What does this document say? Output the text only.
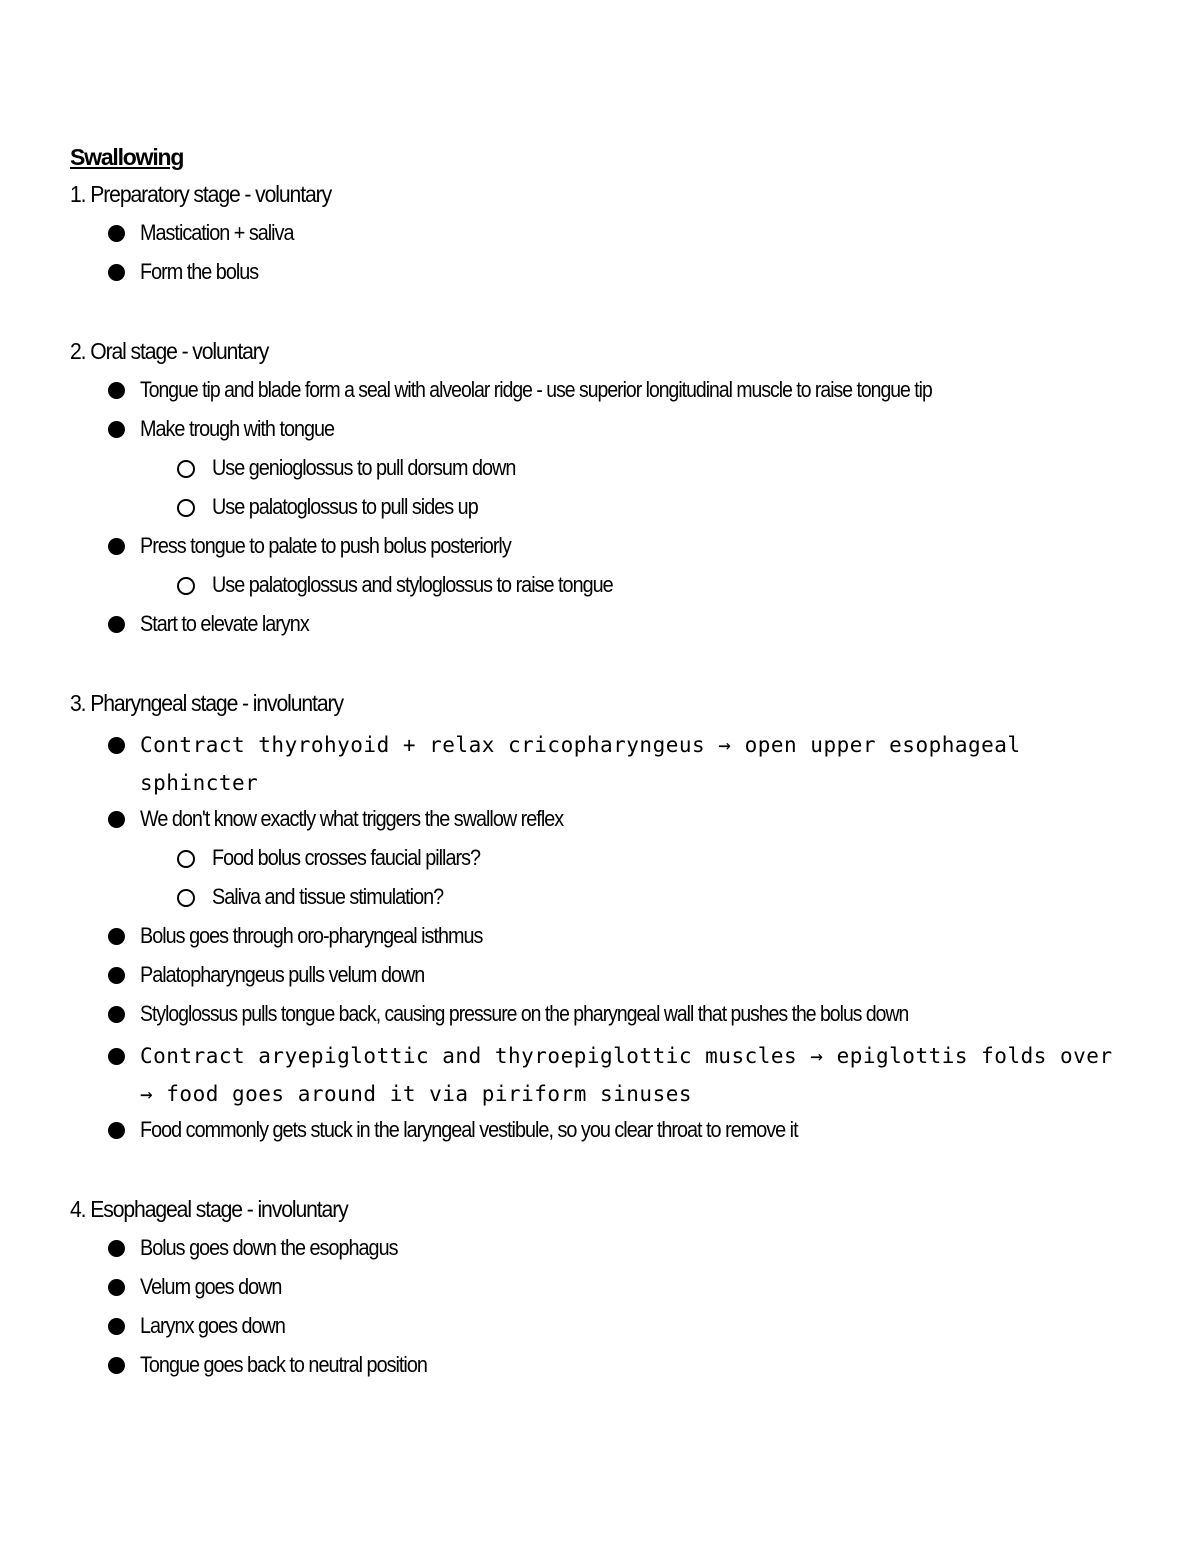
Swallowing
1. Preparatory stage - voluntary
Mastication + saliva
Form the bolus
2. Oral stage - voluntary
Tongue tip and blade form a seal with alveolar ridge - use superior longitudinal muscle to raise tongue tip
Make trough with tongue
Use genioglossus to pull dorsum down
Use palatoglossus to pull sides up
Press tongue to palate to push bolus posteriorly
Use palatoglossus and styloglossus to raise tongue
Start to elevate larynx
3. Pharyngeal stage - involuntary
Contract thyrohyoid + relax cricopharyngeus → open upper esophageal sphincter
We don't know exactly what triggers the swallow reflex
Food bolus crosses faucial pillars?
Saliva and tissue stimulation?
Bolus goes through oro-pharyngeal isthmus
Palatopharyngeus pulls velum down
Styloglossus pulls tongue back, causing pressure on the pharyngeal wall that pushes the bolus down
Contract aryepiglottic and thyroepiglottic muscles → epiglottis folds over → food goes around it via piriform sinuses
Food commonly gets stuck in the laryngeal vestibule, so you clear throat to remove it
4. Esophageal stage - involuntary
Bolus goes down the esophagus
Velum goes down
Larynx goes down
Tongue goes back to neutral position
